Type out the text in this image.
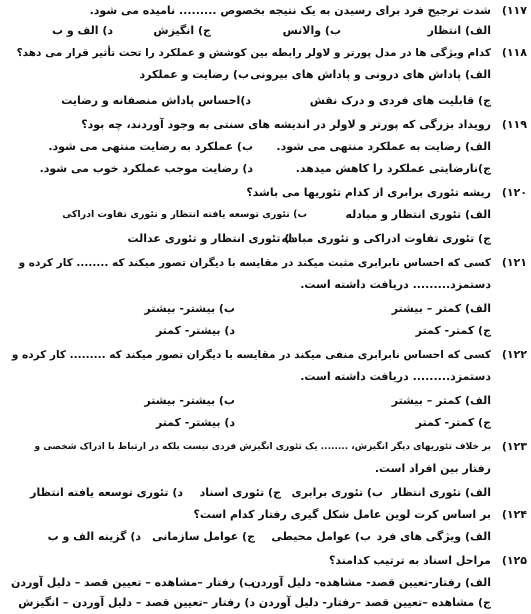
۱۱۷)
شدت ترجیح فرد برای رسیدن به یک نتیجه بخصوص ......... نامیده می شود.
الف) انتظار
ب) والانس
ج) انگیزش
د) الف و ب
۱۱۸)
کدام ویژگی ها در مدل پورتر و لاولر رابطه بین کوشش و عملکرد را تحت تأثیر قرار می دهد؟
الف) پاداش های درونی و پاداش های بیرونی
ب) رضایت و عملکرد
ج) قابلیت های فردی و درک نقش
د)احساس پاداش منصفانه و رضایت
۱۱۹)
رویداد بزرگی که پورتر و لاولر در اندیشه های سنتی به وجود آوردند، چه بود؟
الف) رضایت به عملکرد منتهی می شود.
ب) عملکرد به رضایت منتهی می شود.
ج)نارضایتی عملکرد را کاهش میدهد.
د) رضایت موجب عملکرد خوب می شود.
۱۲۰)
ریشه تئوری برابری از کدام تئوریها می باشد؟
الف) تئوری انتظار و مبادله
ب) تئوری توسعه یافته انتظار و تئوری تفاوت ادراکی
ج) تئوری تفاوت ادراکی و تئوری مبادله
د) تئوری انتظار و تئوری عدالت
۱۲۱)
کسی که احساس نابرابری مثبت میکند در مقایسه با دیگران تصور میکند که ........ کار کرده و
دستمزد......... دریافت داشته است.
الف) کمتر – بیشتر
ب) بیشتر- بیشتر
ج) کمتر- کمتر
د) بیشتر- کمتر
۱۲۲)
کسی که احساس نابرابری منفی میکند در مقایسه با دیگران تصور میکند که ......... کار کرده و
دستمزد......... دریافت داشته است.
الف) کمتر – بیشتر
ب) بیشتر- بیشتر
ج) کمتر- کمتر
د) بیشتر- کمتر
۱۲۳)
بر خلاف تئوریهای دیگر انگیزش، ........ یک تئوری انگیزش فردی نیست بلکه در ارتباط با ادراک شخصی و
رفتار بین افراد است.
الف) تئوری انتظار
ب) تئوری برابری
ج) تئوری اسناد
د) تئوری توسعه یافته انتظار
۱۲۴)
بر اساس کرت لوین عامل شکل گیری رفتار کدام است؟
الف) ویژگی های فرد
ب) عوامل محیطی
ج) عوامل سازمانی
د) گزینه الف و ب
۱۲۵)
مراحل اسناد به ترتیب کدامند؟
الف) رفتار-تعیین قصد- مشاهده- دلیل آوردن
ب) رفتار –مشاهده – تعیین قصد – دلیل آوردن
ج) مشاهده –تعیین قصد –رفتار- دلیل آوردن
د) رفتار –تعیین قصد – دلیل آوردن – انگیزش
